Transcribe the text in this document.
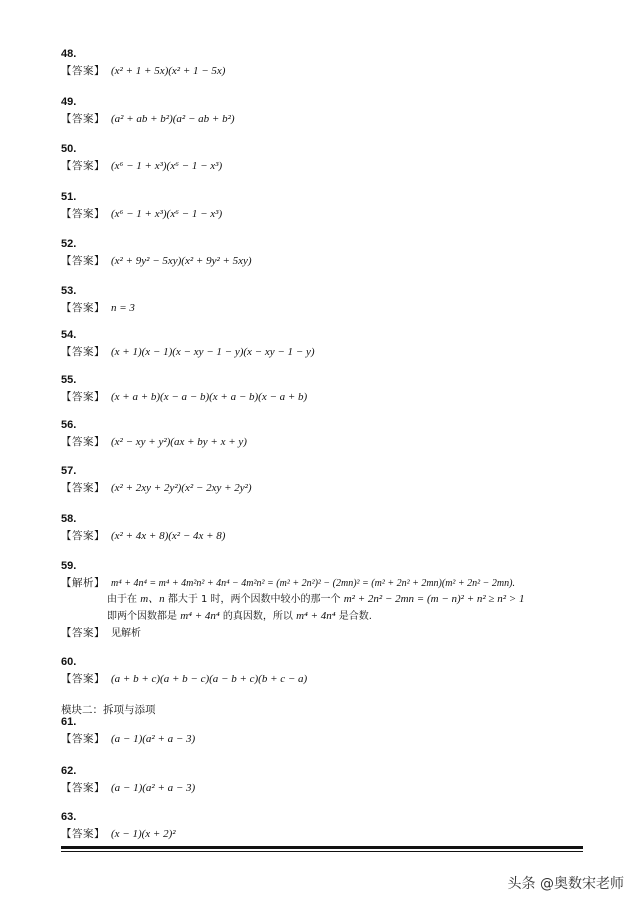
48.
【答案】 (x² + 1 + 5x)(x² + 1 − 5x)
49.
【答案】 (a² + ab + b²)(a² − ab + b²)
50.
【答案】 (x⁶ − 1 + x³)(x⁶ − 1 − x³)
51.
【答案】 (x⁶ − 1 + x³)(x⁶ − 1 − x³)
52.
【答案】 (x² + 9y² − 5xy)(x² + 9y² + 5xy)
53.
【答案】 n = 3
54.
【答案】 (x + 1)(x − 1)(x − xy − 1 − y)(x − xy − 1 − y)
55.
【答案】 (x + a + b)(x − a − b)(x + a − b)(x − a + b)
56.
【答案】 (x² − xy + y²)(ax + by + x + y)
57.
【答案】 (x² + 2xy + 2y²)(x² − 2xy + 2y²)
58.
【答案】 (x² + 4x + 8)(x² − 4x + 8)
59.
【解析】 m⁴ + 4n⁴ = m⁴ + 4m²n² + 4n⁴ − 4m²n² = (m² + 2n²)² − (2mn)² = (m² + 2n² + 2mn)(m² + 2n² − 2mn).
由于在 m、n 都大于 1 时，两个因数中较小的那一个 m² + 2n² − 2mn = (m − n)² + n² ≥ n² > 1
即两个因数都是 m⁴ + 4n⁴ 的真因数，所以 m⁴ + 4n⁴ 是合数.
【答案】 见解析
60.
【答案】 (a + b + c)(a + b − c)(a − b + c)(b + c − a)
模块二：拆项与添项
61.
【答案】 (a − 1)(a² + a − 3)
62.
【答案】 (a − 1)(a² + a − 3)
63.
【答案】 (x − 1)(x + 2)²
头条 @奥数宋老师
